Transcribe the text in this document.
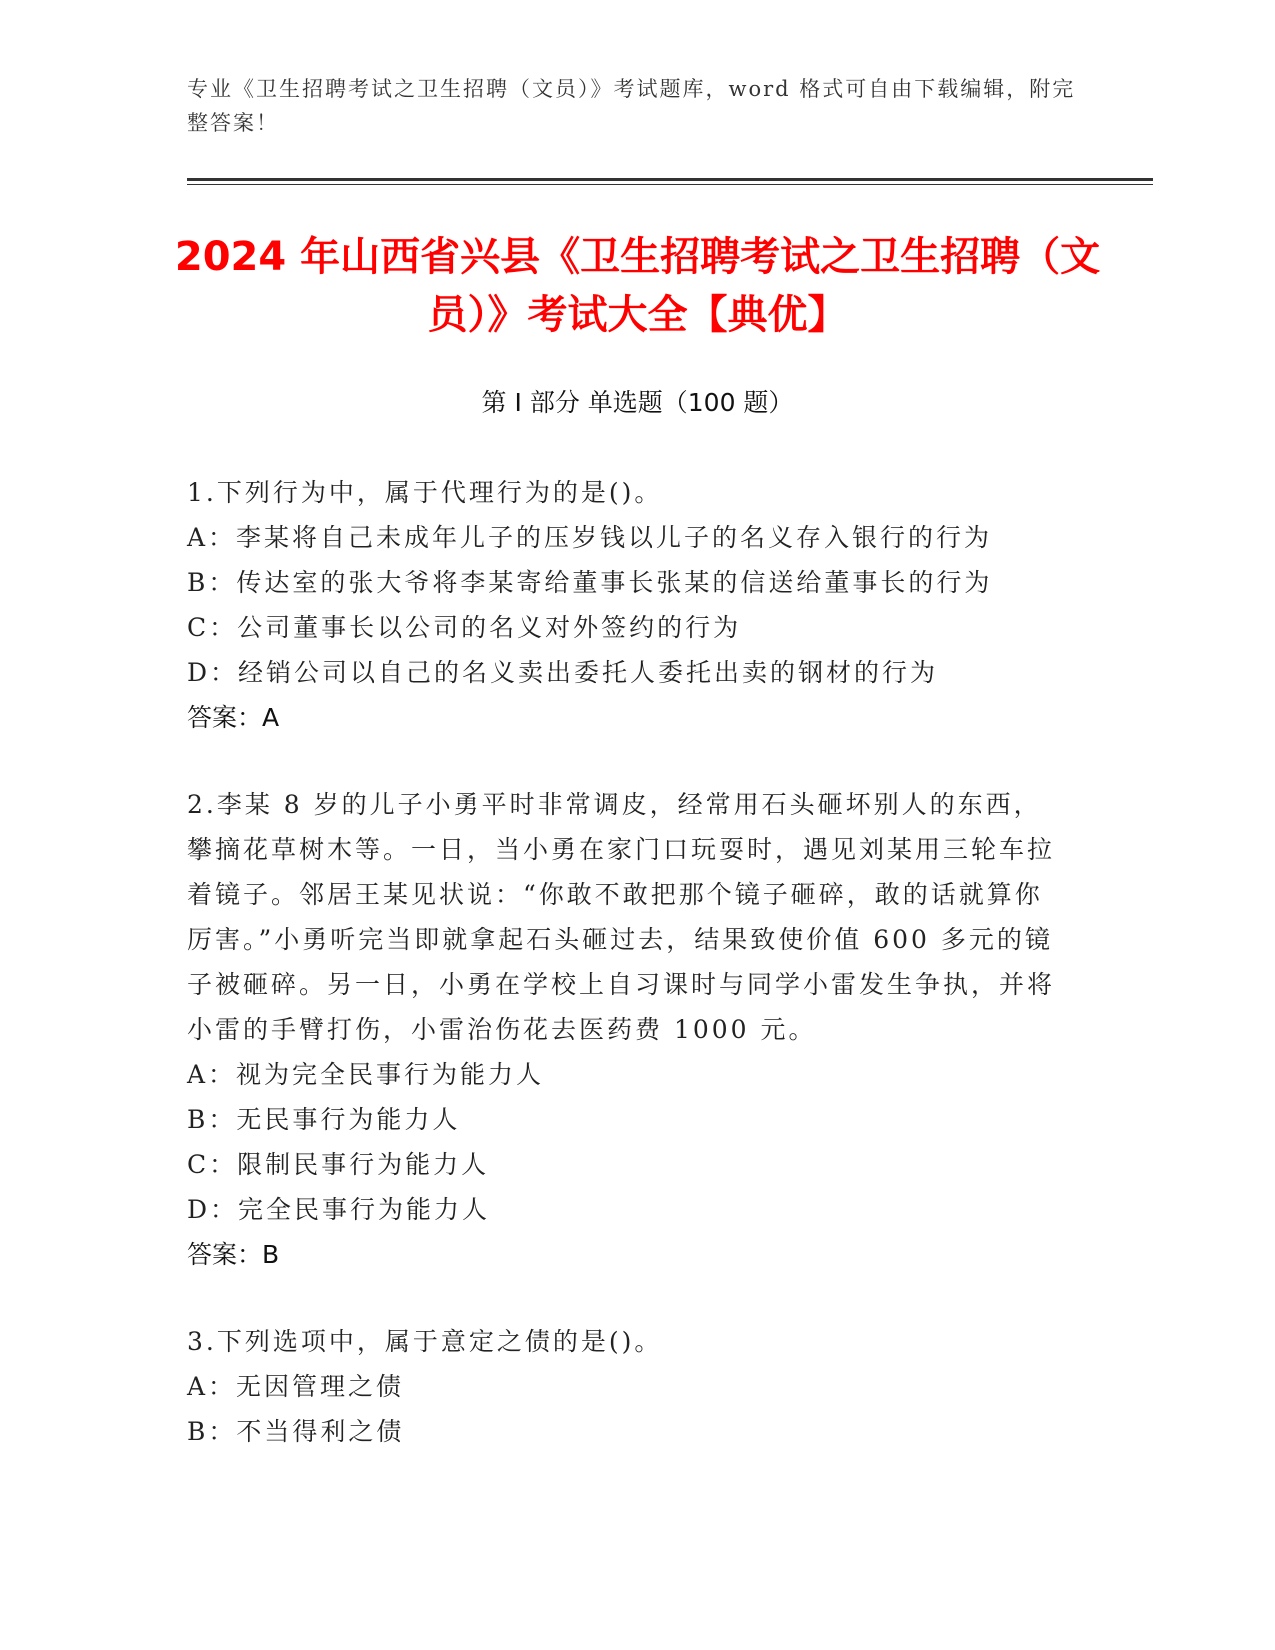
专业《卫生招聘考试之卫生招聘（文员）》考试题库，word 格式可自由下载编辑，附完整答案！
2024 年山西省兴县《卫生招聘考试之卫生招聘（文员）》考试大全【典优】
第 I 部分 单选题（100 题）
1.下列行为中，属于代理行为的是()。
A：李某将自己未成年儿子的压岁钱以儿子的名义存入银行的行为
B：传达室的张大爷将李某寄给董事长张某的信送给董事长的行为
C：公司董事长以公司的名义对外签约的行为
D：经销公司以自己的名义卖出委托人委托出卖的钢材的行为
答案：A
2.李某 8 岁的儿子小勇平时非常调皮，经常用石头砸坏别人的东西，攀摘花草树木等。一日，当小勇在家门口玩耍时，遇见刘某用三轮车拉着镜子。邻居王某见状说：“你敢不敢把那个镜子砸碎，敢的话就算你厉害。”小勇听完当即就拿起石头砸过去，结果致使价值 600 多元的镜子被砸碎。另一日，小勇在学校上自习课时与同学小雷发生争执，并将小雷的手臂打伤，小雷治伤花去医药费 1000 元。
A：视为完全民事行为能力人
B：无民事行为能力人
C：限制民事行为能力人
D：完全民事行为能力人
答案：B
3.下列选项中，属于意定之债的是()。
A：无因管理之债
B：不当得利之债
